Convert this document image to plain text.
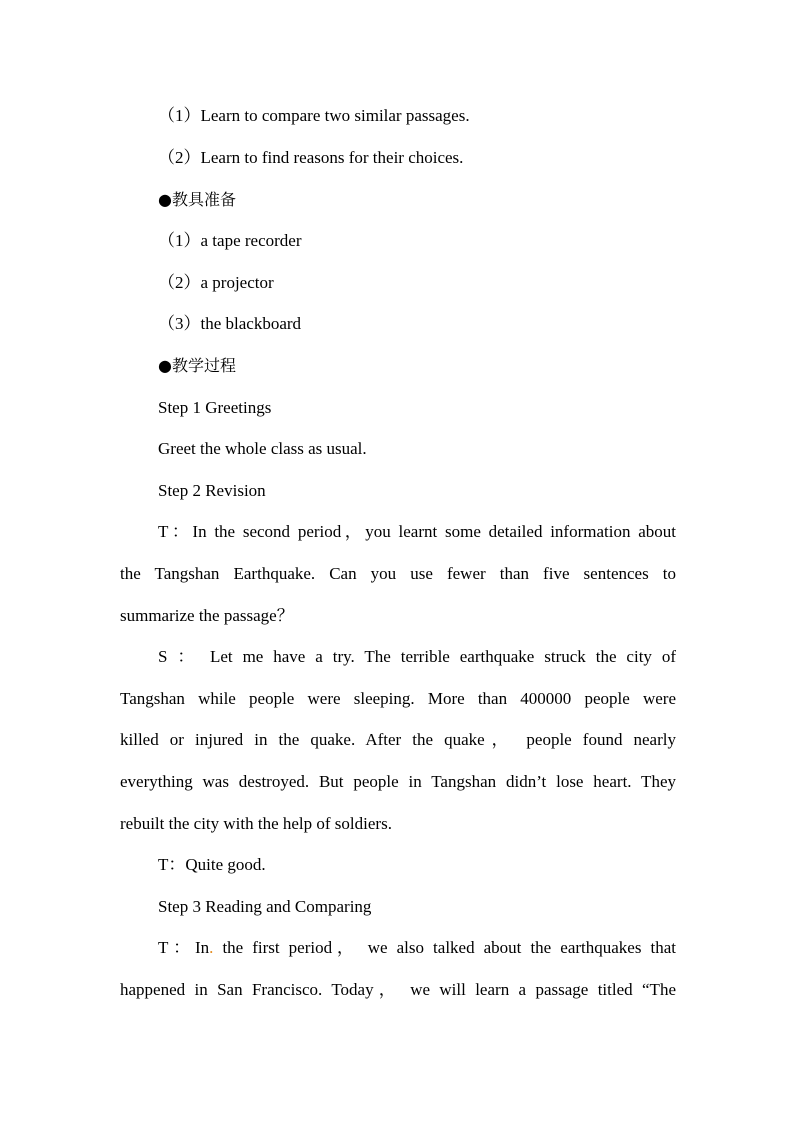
（1）Learn to compare two similar passages.
（2）Learn to find reasons for their choices.
●教具准备
（1）a tape recorder
（2）a projector
（3）the blackboard
●教学过程
Step 1 Greetings
Greet the whole class as usual.
Step 2 Revision
T：In the second period，you learnt some detailed information about
the Tangshan Earthquake. Can you use fewer than five sentences to
summarize the passage？
S ： Let me have a try. The terrible earthquake struck the city of
Tangshan while people were sleeping. More than 400000 people were
killed or injured in the quake. After the quake， people found nearly
everything was destroyed. But people in Tangshan didn’t lose heart. They
rebuilt the city with the help of soldiers.
T：Quite good.
Step 3 Reading and Comparing
T：In. the first period， we also talked about the earthquakes that
happened in San Francisco. Today， we will learn a passage titled “The
